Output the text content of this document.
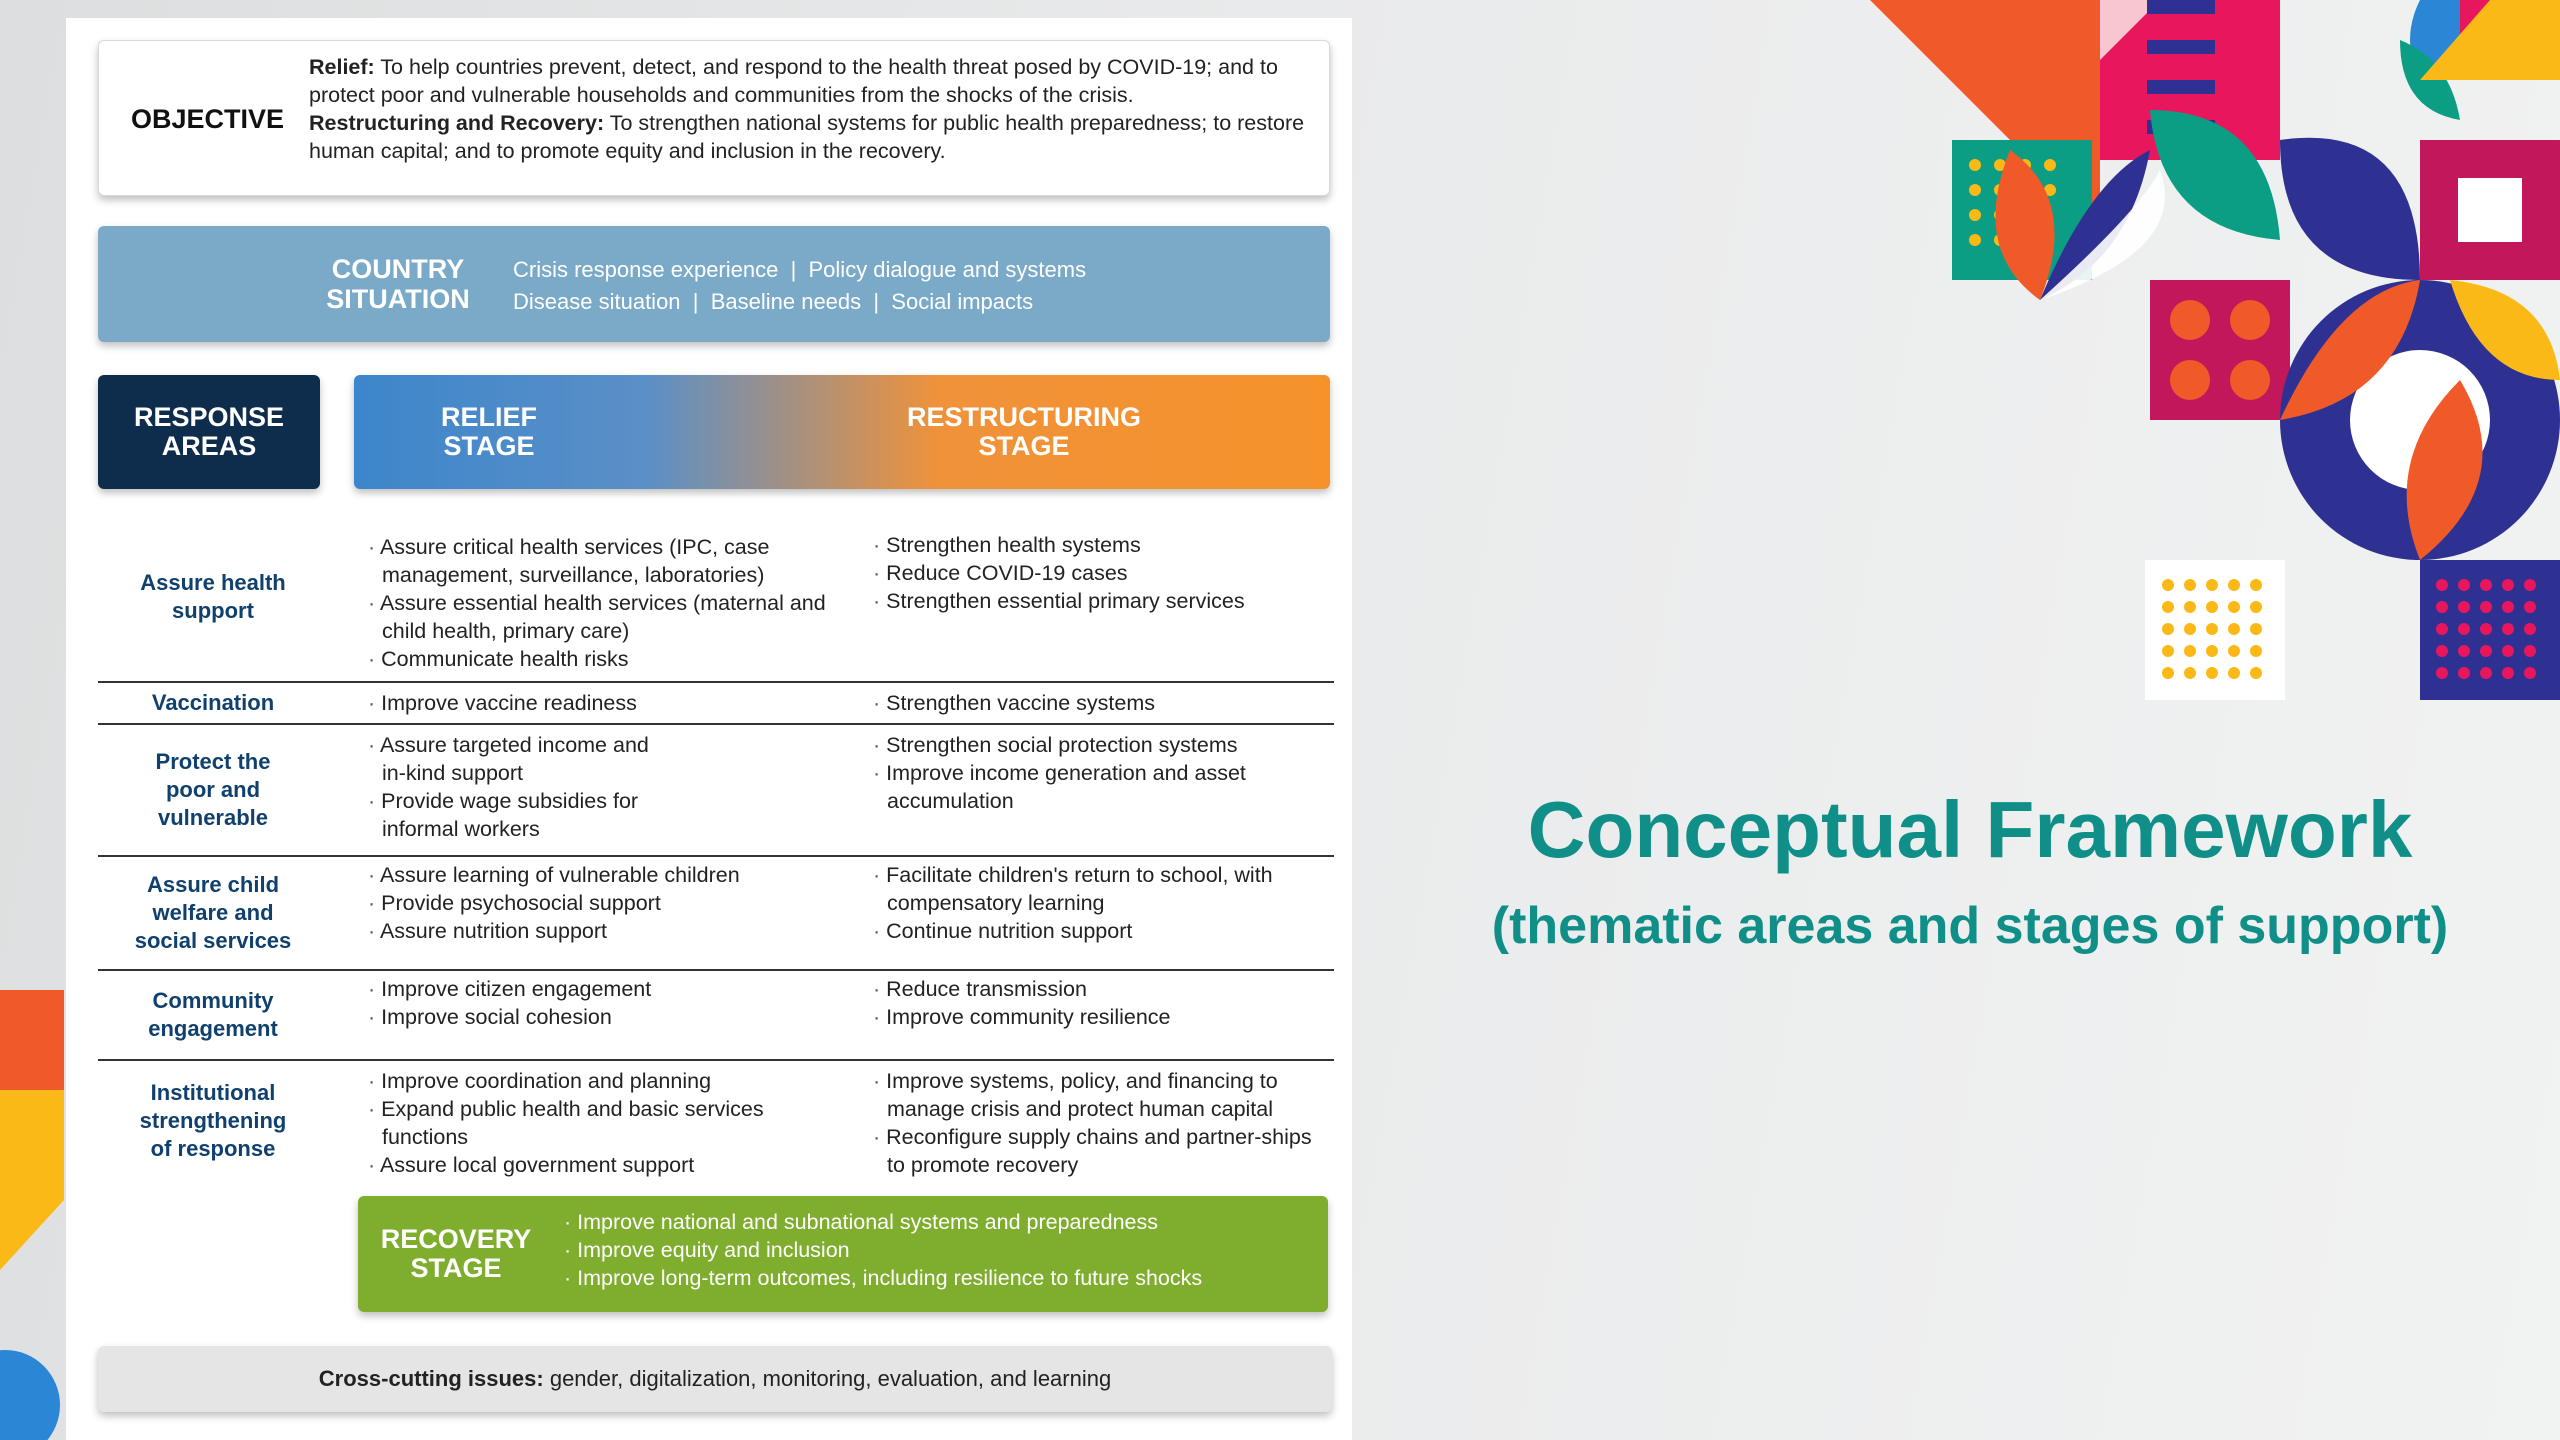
OBJECTIVE
Relief: To help countries prevent, detect, and respond to the health threat posed by COVID-19; and to protect poor and vulnerable households and communities from the shocks of the crisis.
Restructuring and Recovery: To strengthen national systems for public health preparedness; to restore human capital; and to promote equity and inclusion in the recovery.
COUNTRY
SITUATION
Crisis response experience  |  Policy dialogue and systems
Disease situation  |  Baseline needs  |  Social impacts
RESPONSE
AREAS
RELIEF
STAGE
RESTRUCTURING
STAGE
Assure health support
· Assure critical health services (IPC, case management, surveillance, laboratories)
· Assure essential health services (maternal and child health, primary care)
· Communicate health risks
· Strengthen health systems
· Reduce COVID-19 cases
· Strengthen essential primary services
Vaccination	· Improve vaccine readiness	· Strengthen vaccine systems
Protect the poor and vulnerable
· Assure targeted income and in-kind support
· Provide wage subsidies for informal workers
· Strengthen social protection systems
· Improve income generation and asset accumulation
Assure child welfare and social services
· Assure learning of vulnerable children
· Provide psychosocial support
· Assure nutrition support
· Facilitate children's return to school, with compensatory learning
· Continue nutrition support
Community engagement
· Improve citizen engagement
· Improve social cohesion
· Reduce transmission
· Improve community resilience
Institutional strengthening of response
· Improve coordination and planning
· Expand public health and basic services functions
· Assure local government support
· Improve systems, policy, and financing to manage crisis and protect human capital
· Reconfigure supply chains and partner-ships to promote recovery
RECOVERY
STAGE
· Improve national and subnational systems and preparedness
· Improve equity and inclusion
· Improve long-term outcomes, including resilience to future shocks
Cross-cutting issues: gender, digitalization, monitoring, evaluation, and learning
Conceptual Framework
(thematic areas and stages of support)
